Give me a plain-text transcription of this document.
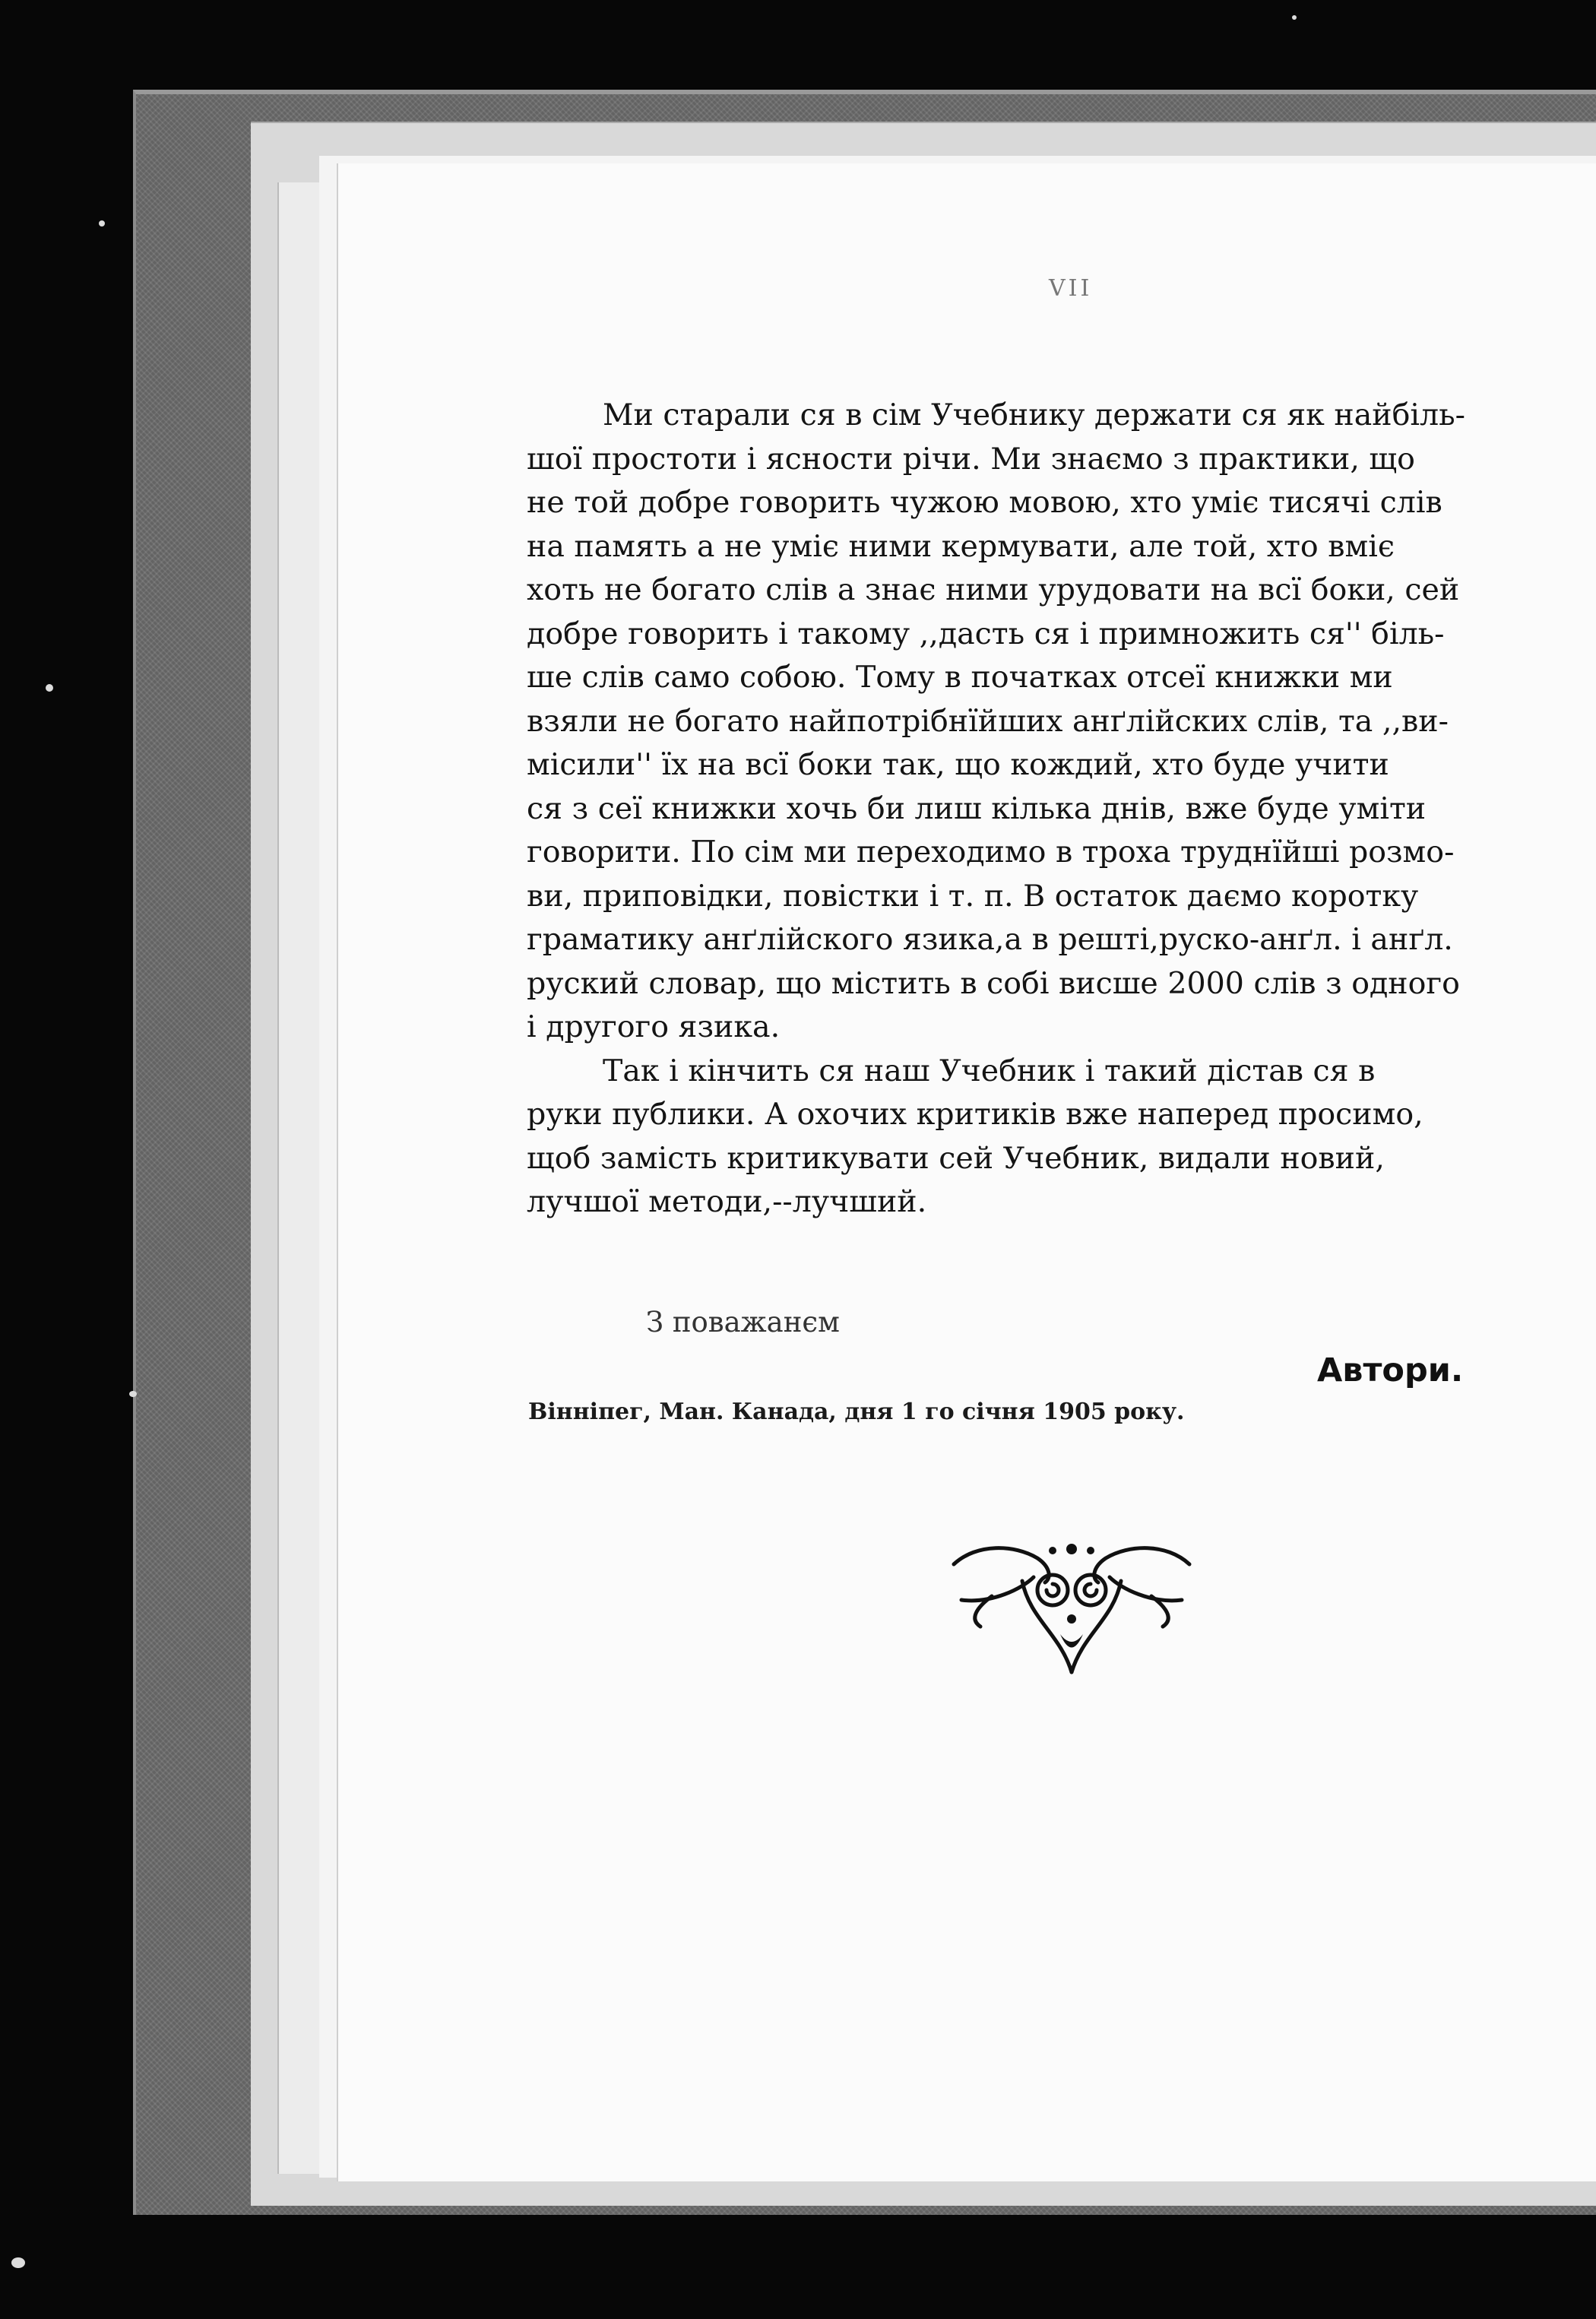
VII
Ми старали ся в сім Учебнику держати ся як найбіль-
шої простоти і ясности річи. Ми знаємо з практики, що
не той добре говорить чужою мовою, хто уміє тисячі слів
на память а не уміє ними кермувати, але той, хто вміє
хоть не богато слів а знає ними урудовати на всї боки, сей
добре говорить і такому ,,дасть ся і примножить ся'' біль-
ше слів само собою. Тому в початках отсеї книжки ми
взяли не богато найпотрібнїйших анґлійских слів, та ,,ви-
місили'' їх на всї боки так, що кождий, хто буде учити
ся з сеї книжки хочь би лиш кілька днів, вже буде уміти
говорити. По сім ми переходимо в троха труднїйші розмо-
ви, приповідки, повістки і т. п. В остаток даємо коротку
граматику анґлійского язика,а в решті,руско-анґл. і анґл.
руский словар, що містить в собі висше 2000 слів з одного
і другого язика.
Так і кінчить ся наш Учебник і такий дістав ся в
руки публики. А охочих критиків вже наперед просимо,
щоб замість критикувати сей Учебник, видали новий,
лучшої методи,--лучший.
З поважанєм
Автори.
Вінніпег, Ман. Канада, дня 1 го січня 1905 року.
